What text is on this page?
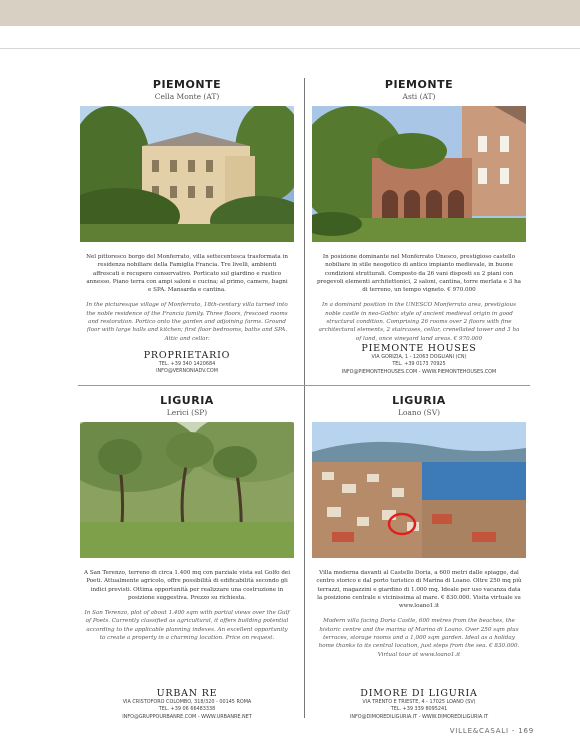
PIEMONTE
Cella Monte (AT)
Nel pittoresco borgo del Monferrato, villa settecentesca trasformata in residenza nobiliare della Famiglia Francia. Tre livelli, ambienti affrescati e recupero conservativo. Porticato sul giardino e rustico annesso. Piano terra con ampi saloni e cucina; al primo, camere, bagni e SPA. Mansarda e cantina.
In the picturesque village of Monferrato, 18th-century villa turned into the noble residence of the Francia family. Three floors, frescoed rooms and restoration. Portico onto the garden and adjoining farms. Ground floor with large halls and kitchen; first floor bedrooms, baths and SPA. Attic and cellar.
PROPRIETARIO
TEL. +39 340 1420684
INFO@VERNONIADV.COM
PIEMONTE
Asti (AT)
In posizione dominante nel Monferrato Unesco, prestigioso castello nobiliare in stile neogotico di antico impianto medievale, in buone condizioni strutturali. Composto da 26 vani disposti su 2 piani con pregevoli elementi architettonici, 2 saloni, cantina, torre merlata e 3 ha di terreno, un tempo vigneto. € 970.000
In a dominant position in the UNESCO Monferrato area, prestigious noble castle in neo-Gothic style of ancient medieval origin in good structural condition. Comprising 26 rooms over 2 floors with fine architectural elements, 2 staircases, cellar, crenellated tower and 3 ha of land, once vineyard land areas. € 970.000
PIEMONTE HOUSES
VIA GORIZIA, 1 - 12063 DOGLIANI (CN)
TEL. +39 0173 70925
INFO@PIEMONTEHOUSES.COM - WWW.PIEMONTEHOUSES.COM
LIGURIA
Lerici (SP)
A San Terenzo, terreno di circa 1.400 mq con parziale vista sul Golfo dei Poeti. Attualmente agricolo, offre possibilità di edificabilità secondo gli indici previsti. Ottima opportunità per realizzare una costruzione in posizione suggestiva. Prezzo su richiesta.
In San Terenzo, plot of about 1.400 sqm with partial views over the Gulf of Poets. Currently classified as agricultural, it offers building potential according to the applicable planning indexes. An excellent opportunity to create a property in a charming location. Price on request.
URBAN RE
VIA CRISTOFORO COLOMBO, 318/320 - 00145 ROMA
TEL. +39 06 66483338
INFO@GRUPPOURBANRE.COM - WWW.URBANRE.NET
LIGURIA
Loano (SV)
Villa moderna davanti al Castello Doria, a 600 metri dalle spiagge, dal centro storico e dal porto turistico di Marina di Loano. Oltre 250 mq più terrazzi, magazzini e giardino di 1.000 mq. Ideale per uso vacanza data la posizione centrale e vicinissima al mare. € 830.000. Visita virtuale su www.loano1.it
Modern villa facing Doria Castle, 600 metres from the beaches, the historic centre and the marina of Marina di Loano. Over 250 sqm plus terraces, storage rooms and a 1,000 sqm garden. Ideal as a holiday home thanks to its central location, just steps from the sea. € 830.000. Virtual tour at www.loano1.it
DIMORE DI LIGURIA
VIA TRENTO E TRIESTE, 4 - 17025 LOANO (SV)
TEL. +39 339 8095241
INFO@DIMOREDILIGURIA.IT - WWW.DIMOREDILIGURIA.IT
VILLE&CASALI - 169
